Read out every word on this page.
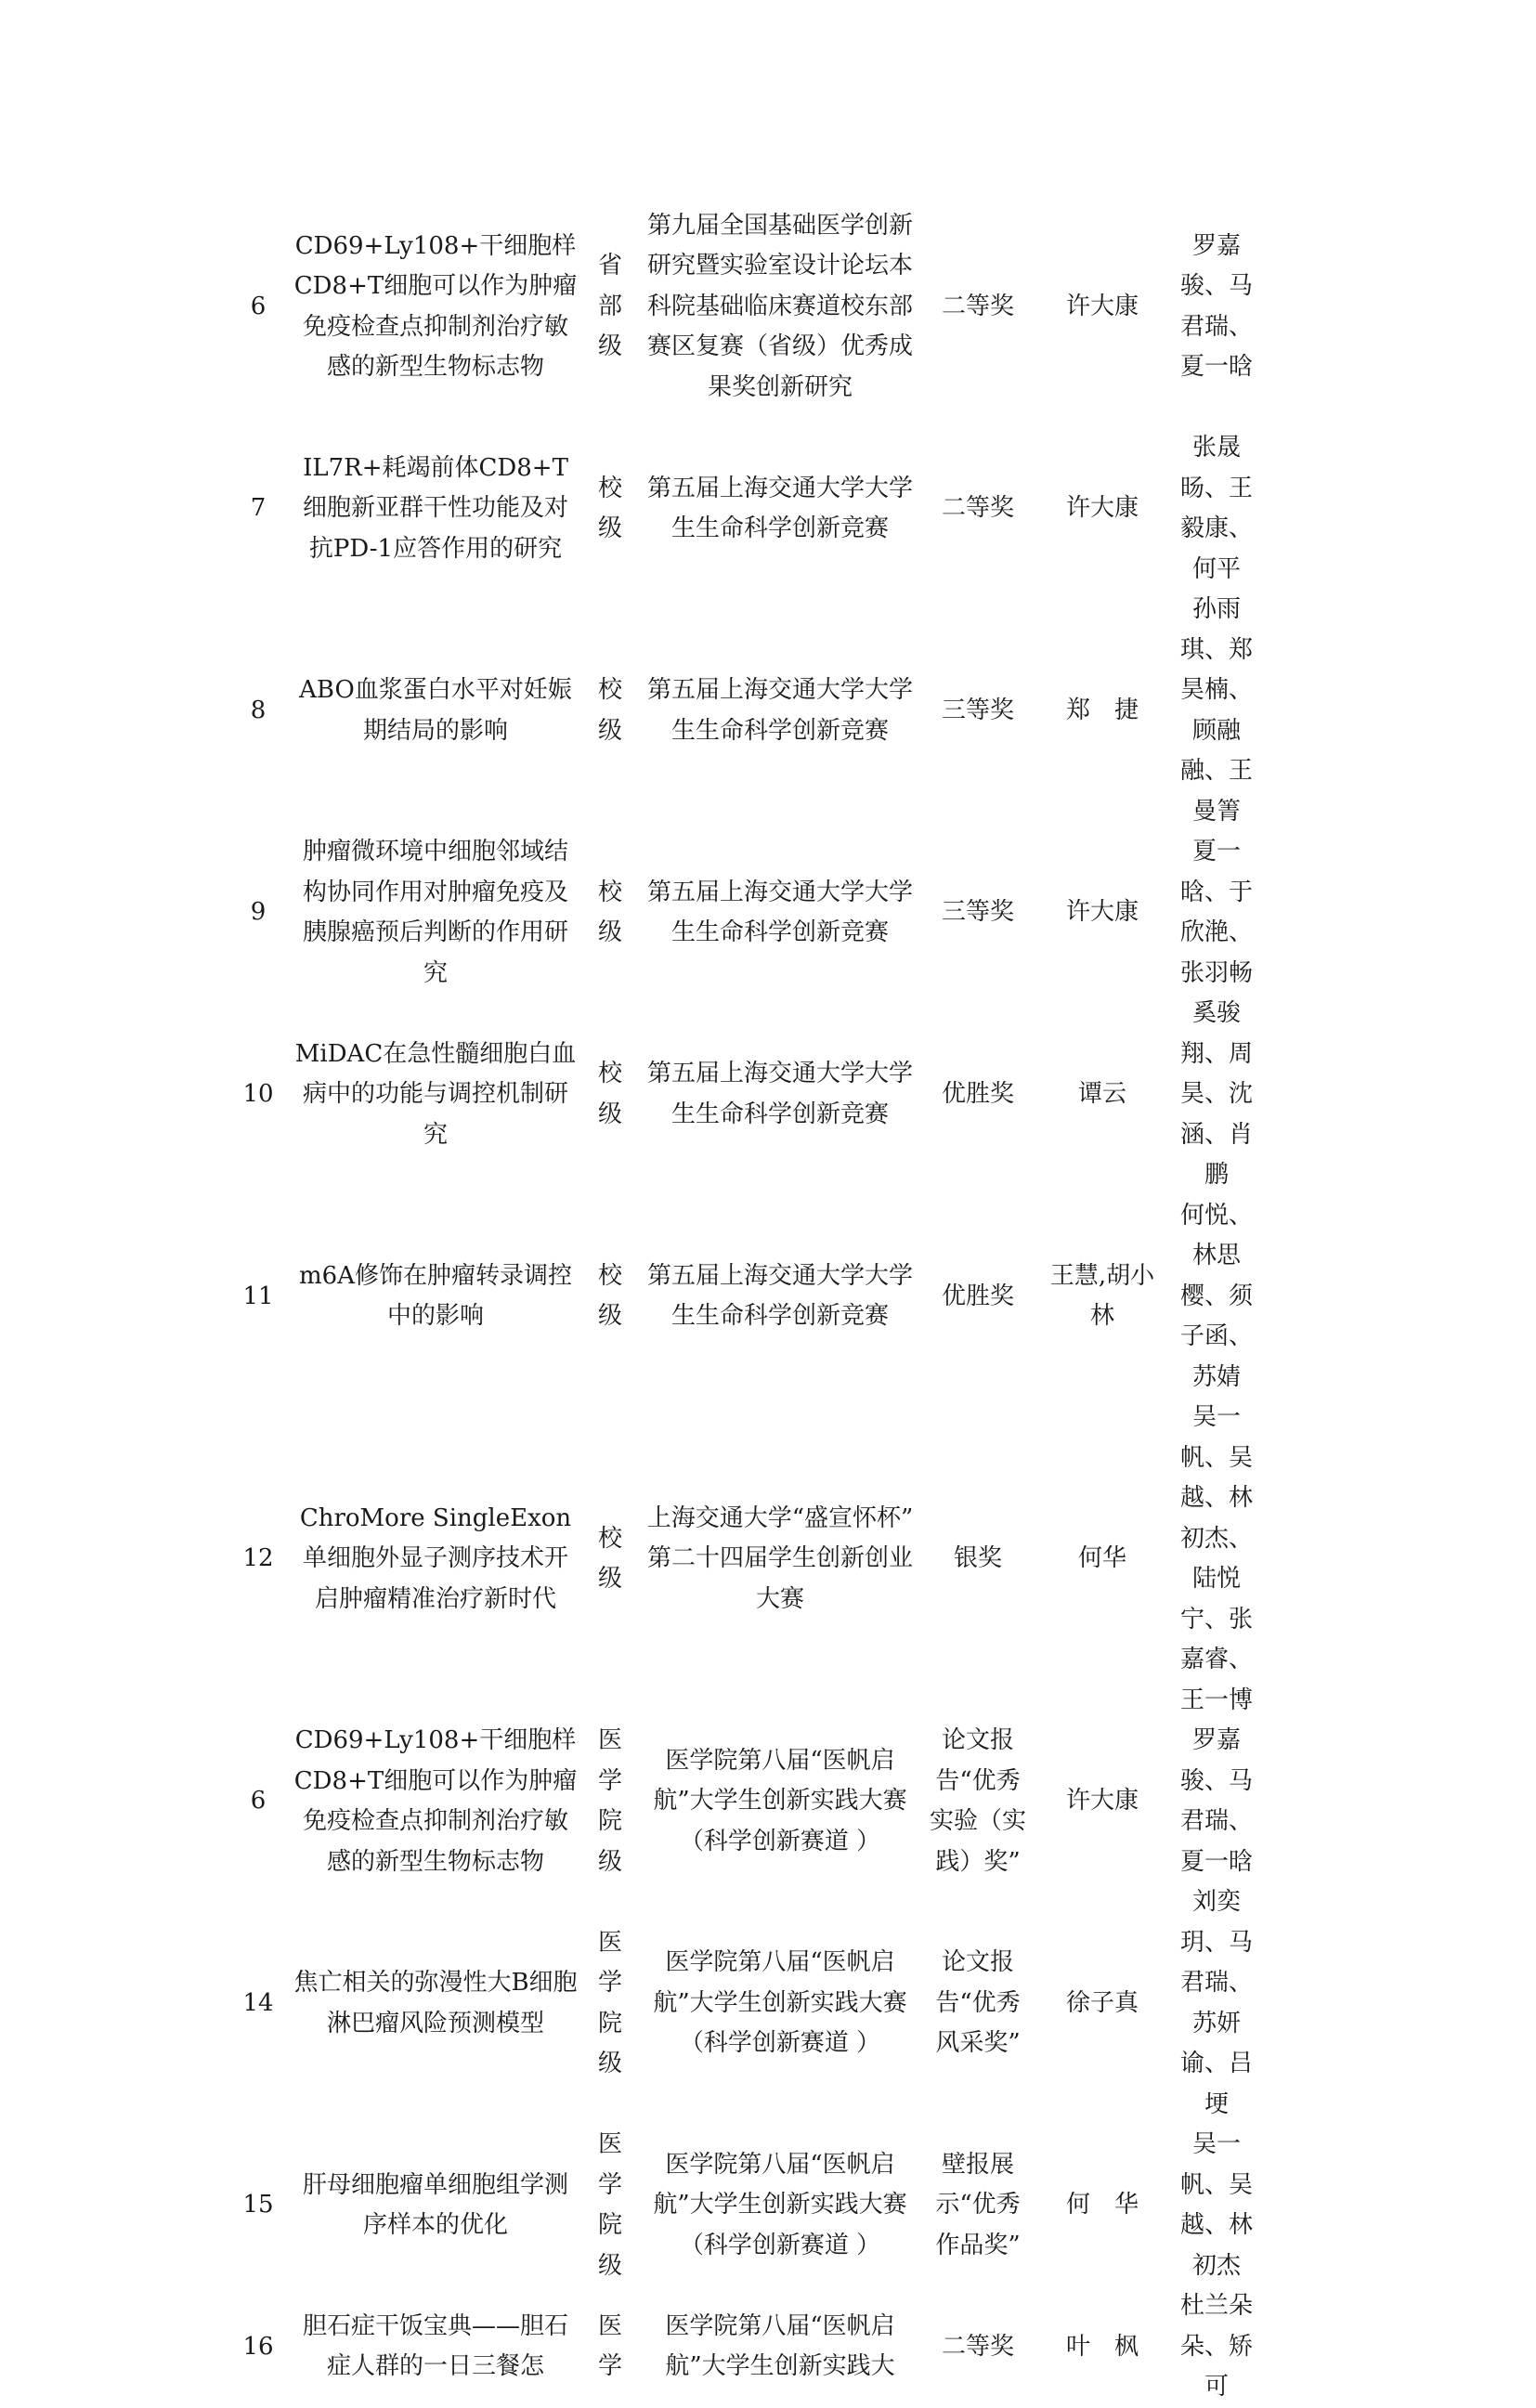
6	CD69+Ly108+干细胞样CD8+T细胞可以作为肿瘤免疫检查点抑制剂治疗敏感的新型生物标志物	省部级	第九届全国基础医学创新研究暨实验室设计论坛本科院基础临床赛道校东部赛区复赛（省级）优秀成果奖创新研究	二等奖	许大康	罗嘉骏、马君瑞、夏一晗
7	IL7R+耗竭前体CD8+T细胞新亚群干性功能及对抗PD-1应答作用的研究	校级	第五届上海交通大学大学生生命科学创新竞赛	二等奖	许大康	张晟旸、王毅康、何平
8	ABO血浆蛋白水平对妊娠期结局的影响	校级	第五届上海交通大学大学生生命科学创新竞赛	三等奖	郑　捷	孙雨琪、郑昊楠、顾融融、王曼箐
9	肿瘤微环境中细胞邻域结构协同作用对肿瘤免疫及胰腺癌预后判断的作用研究	校级	第五届上海交通大学大学生生命科学创新竞赛	三等奖	许大康	夏一晗、于欣滟、张羽畅
10	MiDAC在急性髓细胞白血病中的功能与调控机制研究	校级	第五届上海交通大学大学生生命科学创新竞赛	优胜奖	谭云	奚骏翔、周昊、沈涵、肖鹏
11	m6A修饰在肿瘤转录调控中的影响	校级	第五届上海交通大学大学生生命科学创新竞赛	优胜奖	王慧,胡小林	何悦、林思樱、须子函、苏婧
12	ChroMore SingleExon 单细胞外显子测序技术开启肿瘤精准治疗新时代	校级	上海交通大学“盛宣怀杯” 第二十四届学生创新创业大赛	银奖	何华	吴一帆、吴　越、林初杰、陆悦宁、张嘉睿、王一博
6	CD69+Ly108+干细胞样CD8+T细胞可以作为肿瘤免疫检查点抑制剂治疗敏感的新型生物标志物	医学院级	医学院第八届“医帆启航”大学生创新实践大赛（科学创新赛道 ）	论文报告“优秀实验（实践）奖”	许大康	罗嘉骏、马君瑞、夏一晗
14	焦亡相关的弥漫性大B细胞淋巴瘤风险预测模型	医学院级	医学院第八届“医帆启航”大学生创新实践大赛（科学创新赛道 ）	论文报告“优秀风采奖”	徐子真	刘奕玥、马君瑞、苏妍谕、吕　埂
15	肝母细胞瘤单细胞组学测序样本的优化	医学院级	医学院第八届“医帆启航”大学生创新实践大赛（科学创新赛道 ）	壁报展示“优秀作品奖”	何　华	吴一帆、吴越、林初杰
16	胆石症干饭宝典——胆石症人群的一日三餐怎	医学	医学院第八届“医帆启航”大学生创新实践大	二等奖	叶　枫	杜兰朵朵、矫可
